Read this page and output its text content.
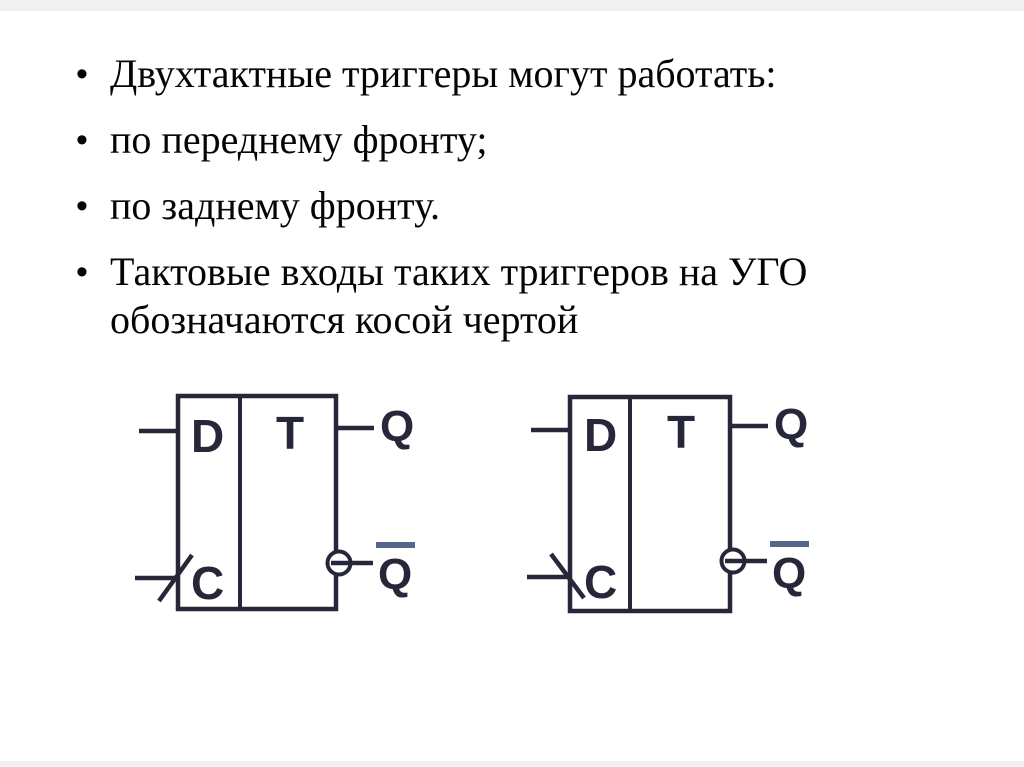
• Двухтактные триггеры могут работать:
• по переднему фронту;
• по заднему фронту.
• Тактовые входы таких триггеров на УГО обозначаются косой чертой
D
C
T Q
Q
D
C
T Q
Q
